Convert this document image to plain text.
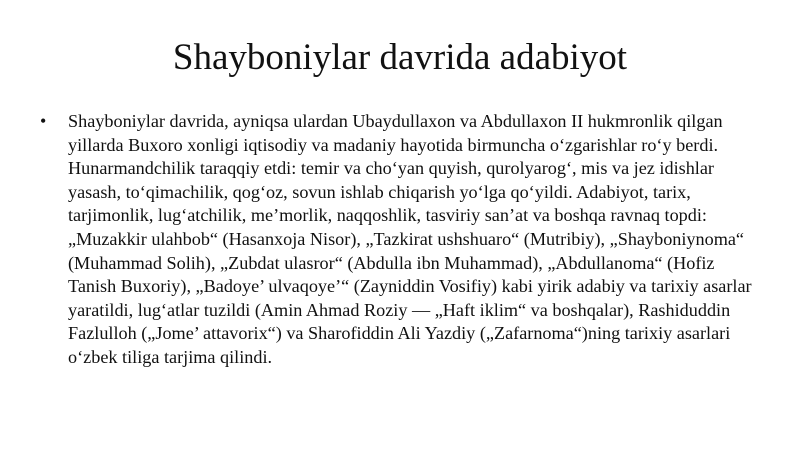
Shayboniylar davrida adabiyot
• Shayboniylar davrida, ayniqsa ulardan Ubaydullaxon va Abdullaxon II hukmronlik qilgan yillarda Buxoro xonligi iqtisodiy va madaniy hayotida birmuncha o‘zgarishlar ro‘y berdi. Hunarmandchilik taraqqiy etdi: temir va cho‘yan quyish, qurolyarog‘, mis va jez idishlar yasash, to‘qimachilik, qog‘oz, sovun ishlab chiqarish yo‘lga qo‘yildi. Adabiyot, tarix, tarjimonlik, lug‘atchilik, me’morlik, naqqoshlik, tasviriy san’at va boshqa ravnaq topdi: „Muzakkir ulahbob“ (Hasanxoja Nisor), „Tazkirat ushshuaro“ (Mutribiy), „Shayboniynoma“ (Muhammad Solih), „Zubdat ulasror“ (Abdulla ibn Muhammad), „Abdullanoma“ (Hofiz Tanish Buxoriy), „Badoye’ ulvaqoye’“ (Zayniddin Vosifiy) kabi yirik adabiy va tarixiy asarlar yaratildi, lug‘atlar tuzildi (Amin Ahmad Roziy — „Haft iklim“ va boshqalar), Rashiduddin Fazlulloh („Jome’ attavorix“) va Sharofiddin Ali Yazdiy („Zafarnoma“)ning tarixiy asarlari o‘zbek tiliga tarjima qilindi.
